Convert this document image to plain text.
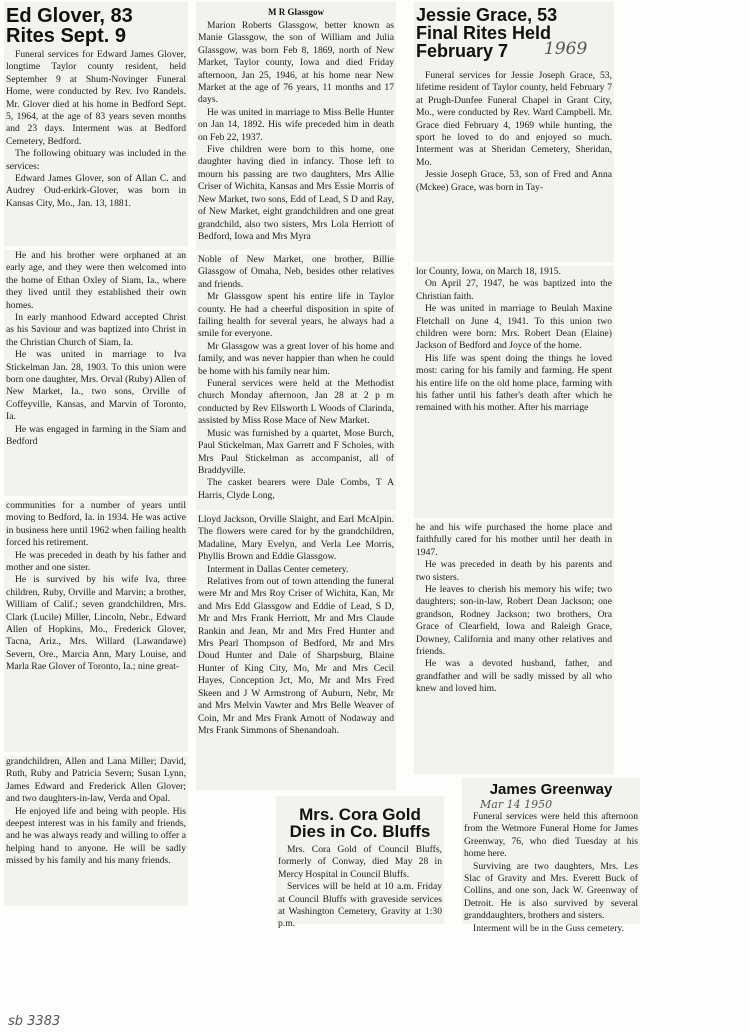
Ed Glover, 83
Rites Sept. 9

Funeral services for Edward James Glover, longtime Taylor county resident, held September 9 at Shum-Novinger Funeral Home, were conducted by Rev. Ivo Randels. Mr. Glover died at his home in Bedford Sept. 5, 1964, at the age of 83 years seven months and 23 days. Interment was at Bedford Cemetery, Bedford.

The following obituary was included in the services:

Edward James Glover, son of Allan C. and Audrey Oud-erkirk-Glover, was born in Kansas City, Mo., Jan. 13, 1881.

He and his brother were orphaned at an early age, and they were then welcomed into the home of Ethan Oxley of Siam, Ia., where they lived until they established their own homes.

In early manhood Edward accepted Christ as his Saviour and was baptized into Christ in the Christian Church of Siam, Ia.

He was united in marriage to Iva Stickelman Jan. 28, 1903. To this union were born one daughter, Mrs. Orval (Ruby) Allen of New Market, Ia., two sons, Orville of Coffeyville, Kansas, and Marvin of Toronto, Ia.

He was engaged in farming in the Siam and Bedford

communities for a number of years until moving to Bedford, Ia. in 1934. He was active in business here until 1962 when failing health forced his retirement.

He was preceded in death by his father and mother and one sister.

He is survived by his wife Iva, three children, Ruby, Orville and Marvin; a brother, William of Calif.; seven grandchildren, Mrs. Clark (Lucile) Miller, Lincoln, Nebr., Edward Allen of Hopkins, Mo., Frederick Glover, Tacna, Ariz., Mrs. Willard (Lawandawe) Severn, Ore., Marcia Ann, Mary Louise, and Marla Rae Glover of Toronto, Ia.; nine great-

grandchildren, Allen and Lana Miller; David, Ruth, Ruby and Patricia Severn; Susan Lynn, James Edward and Frederick Allen Glover; and two daughters-in-law, Verda and Opal.

He enjoyed life and being with people. His deepest interest was in his family and friends, and he was always ready and willing to offer a helping hand to anyone. He will be sadly missed by his family and his many friends.

M R Glassgow

Marion Roberts Glassgow, better known as Manie Glassgow, the son of William and Julia Glassgow, was born Feb 8, 1869, north of New Market, Taylor county, Iowa and died Friday afternoon, Jan 25, 1946, at his home near New Market at the age of 76 years, 11 months and 17 days.

He was united in marriage to Miss Belle Hunter on Jan 14, 1892. His wife preceded him in death on Feb 22, 1937.

Five children were born to this home, one daughter having died in infancy. Those left to mourn his passing are two daughters, Mrs Allie Criser of Wichita, Kansas and Mrs Essie Morris of New Market, two sons, Edd of Lead, S D and Ray, of New Market, eight grandchildren and one great grandchild, also two sisters, Mrs Lola Herriott of Bedford, Iowa and Mrs Myra

Noble of New Market, one brother, Billie Glassgow of Omaha, Neb, besides other relatives and friends.

Mr Glassgow spent his entire life in Taylor county. He had a cheerful disposition in spite of failing health for several years, he always had a smile for everyone.

Mr Glassgow was a great lover of his home and family, and was never happier than when he could be home with his family near him.

Funeral services were held at the Methodist church Monday afternoon, Jan 28 at 2 p m conducted by Rev Ellsworth L Woods of Clarinda, assisted by Miss Rose Mace of New Market.

Music was furnished by a quartet, Mose Burch, Paul Stickelman, Max Garrett and F Scholes, with Mrs Paul Stickelman as accompanist, all of Braddyville.

The casket bearers were Dale Combs, T A Harris, Clyde Long,

Lloyd Jackson, Orville Slaight, and Earl McAlpin. The flowers were cared for by the grandchildren, Madaline, Mary Evelyn, and Verla Lee Morris, Phyllis Brown and Eddie Glassgow.

Interment in Dallas Center cemetery.

Relatives from out of town attending the funeral were Mr and Mrs Roy Criser of Wichita, Kan, Mr and Mrs Edd Glassgow and Eddie of Lead, S D, Mr and Mrs Frank Herriott, Mr and Mrs Claude Rankin and Jean, Mr and Mrs Fred Hunter and Mrs Pearl Thompson of Bedford, Mr and Mrs Doud Hunter and Dale of Sharpsburg, Blaine Hunter of King City, Mo, Mr and Mrs Cecil Hayes, Conception Jct, Mo, Mr and Mrs Fred Skeen and J W Armstrong of Auburn, Nebr, Mr and Mrs Melvin Vawter and Mrs Belle Weaver of Coin, Mr and Mrs Frank Arnott of Nodaway and Mrs Frank Simmons of Shenandoah.

Mrs. Cora Gold
Dies in Co. Bluffs

Mrs. Cora Gold of Council Bluffs, formerly of Conway, died May 28 in Mercy Hospital in Council Bluffs.

Services will be held at 10 a.m. Friday at Council Bluffs with graveside services at Washington Cemetery, Gravity at 1:30 p.m.

Jessie Grace, 53
Final Rites Held
February 7 1969

Funeral services for Jessie Joseph Grace, 53, lifetime resident of Taylor county, held February 7 at Prugh-Dunfee Funeral Chapel in Grant City, Mo., were conducted by Rev. Ward Campbell. Mr. Grace died February 4, 1969 while hunting, the sport he loved to do and enjoyed so much. Interment was at Sheridan Cemetery, Sheridan, Mo.

Jessie Joseph Grace, 53, son of Fred and Anna (Mckee) Grace, was born in Tay-

lor County, Iowa, on March 18, 1915.

On April 27, 1947, he was baptized into the Christian faith.

He was united in marriage to Beulah Maxine Fletchall on June 4, 1941. To this union two children were born: Mrs. Robert Dean (Elaine) Jackson of Bedford and Joyce of the home.

His life was spent doing the things he loved most: caring for his family and farming. He spent his entire life on the old home place, farming with his father until his father's death after which he remained with his mother. After his marriage

he and his wife purchased the home place and faithfully cared for his mother until her death in 1947.

He was preceded in death by his parents and two sisters.

He leaves to cherish his memory his wife; two daughters; son-in-law, Robert Dean Jackson; one grandson, Rodney Jackson; two brothers, Ora Grace of Clearfield, Iowa and Raleigh Grace, Downey, California and many other relatives and friends.

He was a devoted husband, father, and grandfather and will be sadly missed by all who knew and loved him.

James Greenway
Mar 14 1950

Funeral services were held this afternoon from the Wetmore Funeral Home for James Greenway, 76, who died Tuesday at his home here.

Surviving are two daughters, Mrs. Les Slac of Gravity and Mrs. Everett Buck of Collins, and one son, Jack W. Greenway of Detroit. He is also survived by several granddaughters, brothers and sisters.

Interment will be in the Guss cemetery.

sb 3383
